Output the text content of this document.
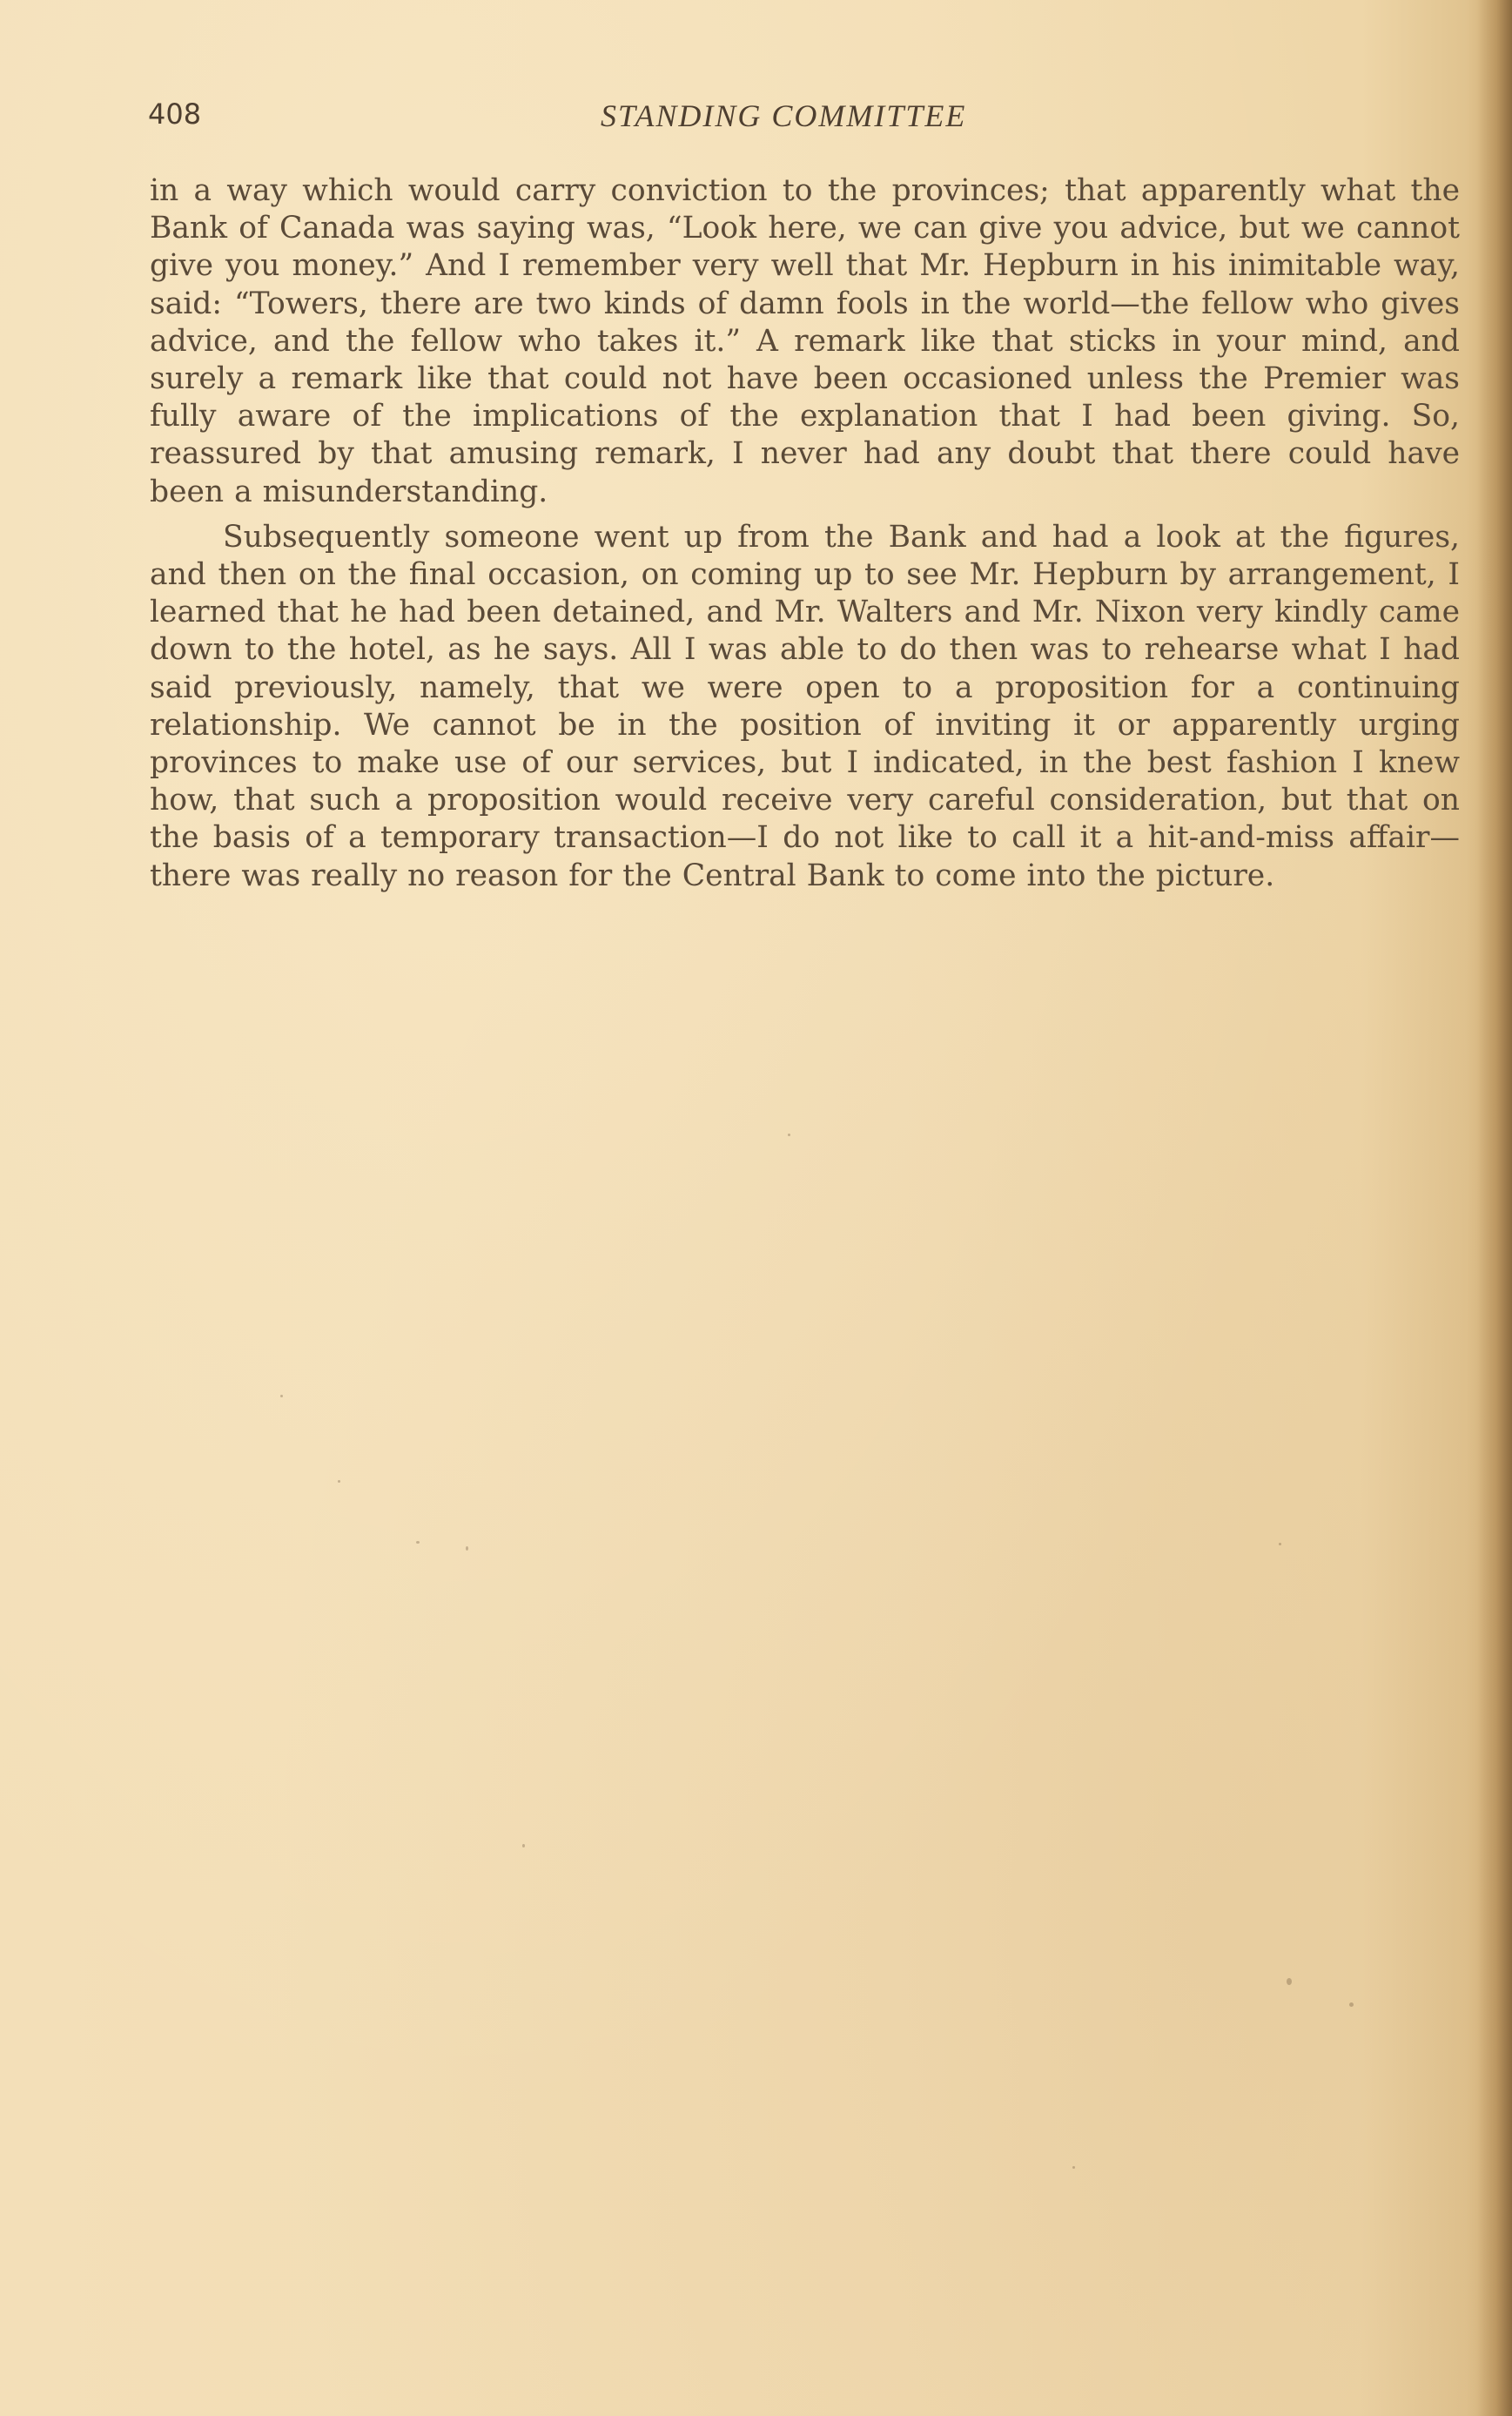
408	STANDING COMMITTEE

in a way which would carry conviction to the provinces; that apparently what the Bank of Canada was saying was, “Look here, we can give you advice, but we cannot give you money.” And I remember very well that Mr. Hepburn in his inimitable way, said: “Towers, there are two kinds of damn fools in the world—the fellow who gives advice, and the fellow who takes it.” A remark like that sticks in your mind, and surely a remark like that could not have been occasioned unless the Premier was fully aware of the implications of the explanation that I had been giving. So, reassured by that amusing remark, I never had any doubt that there could have been a misunderstanding.

Subsequently someone went up from the Bank and had a look at the figures, and then on the final occasion, on coming up to see Mr. Hepburn by arrangement, I learned that he had been detained, and Mr. Walters and Mr. Nixon very kindly came down to the hotel, as he says. All I was able to do then was to rehearse what I had said previously, namely, that we were open to a proposition for a continuing relationship. We cannot be in the position of inviting it or apparently urging provinces to make use of our services, but I indicated, in the best fashion I knew how, that such a proposition would receive very careful consideration, but that on the basis of a temporary transaction—I do not like to call it a hit-and-miss affair—there was really no reason for the Central Bank to come into the picture.
